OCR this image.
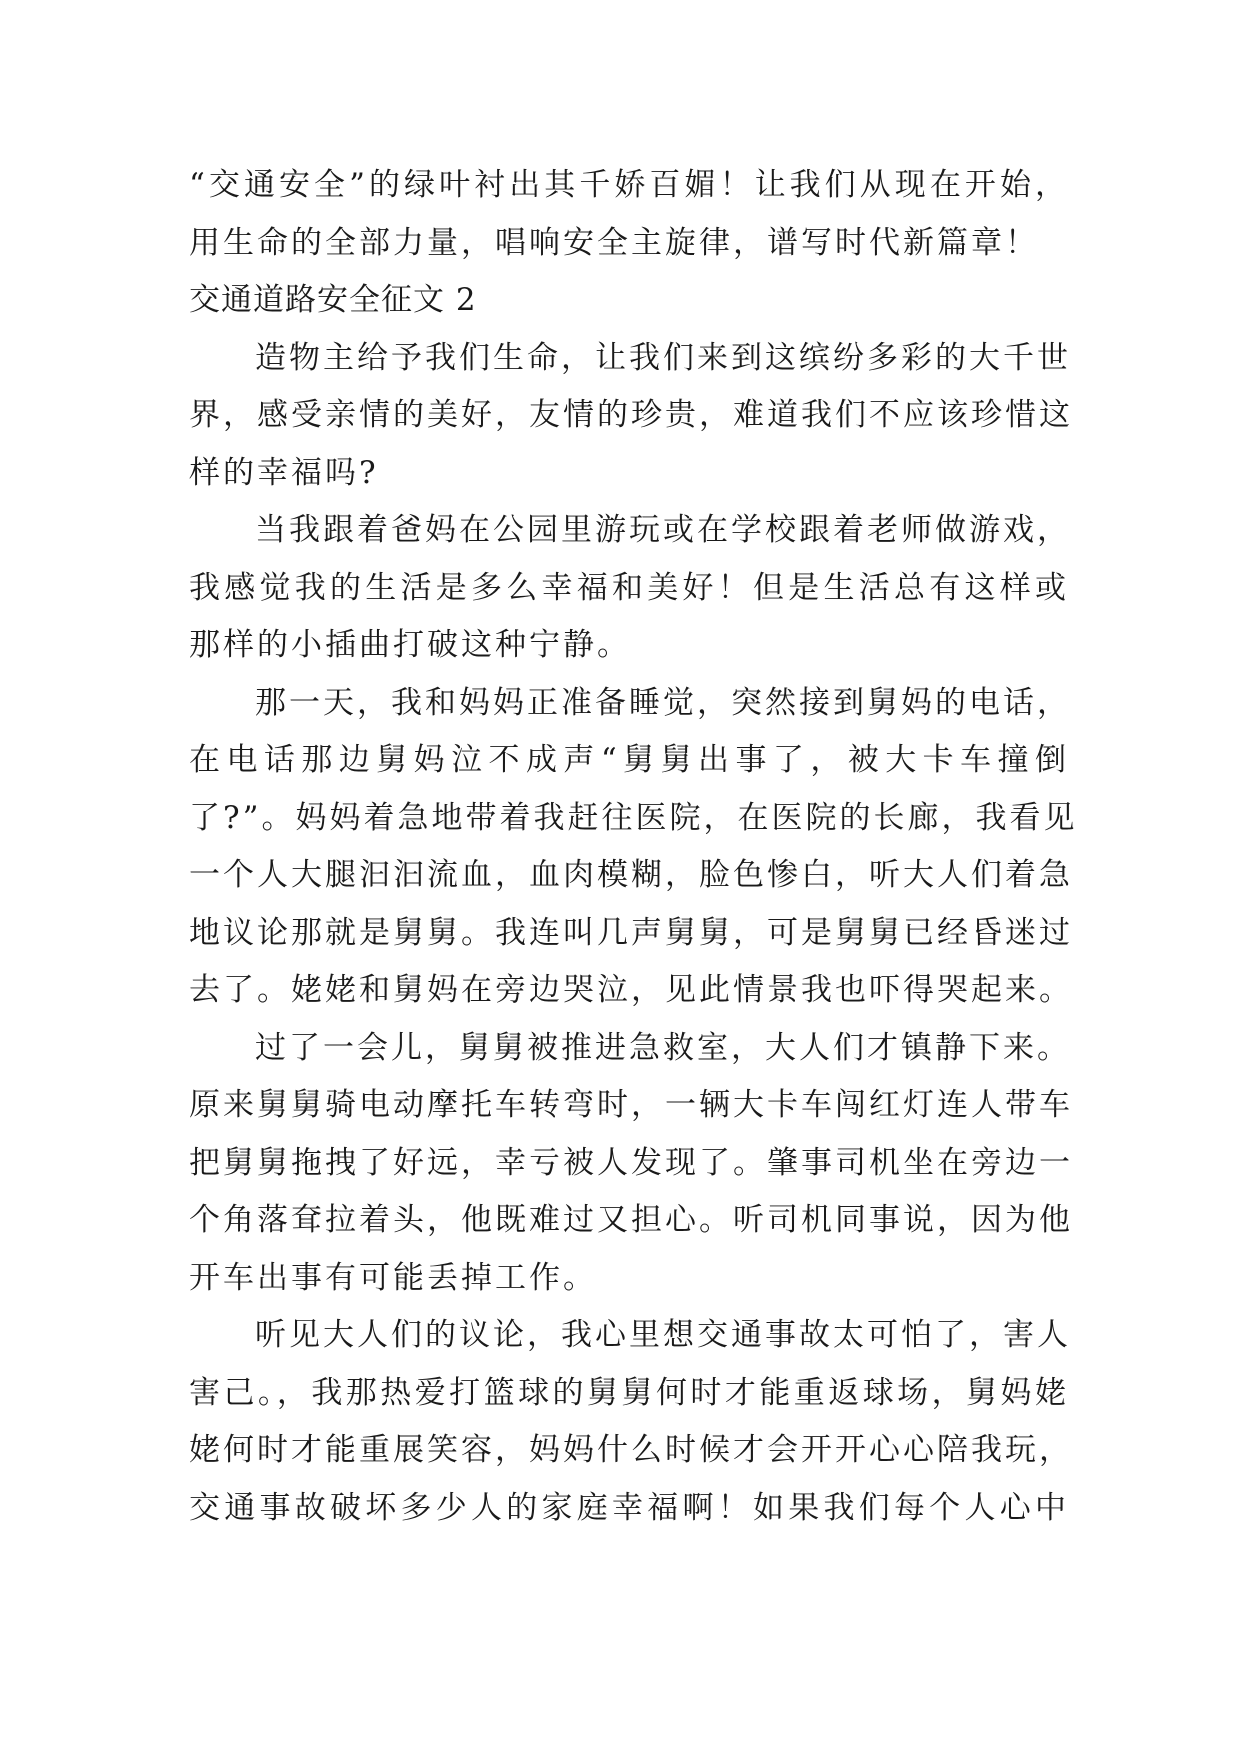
“交通安全”的绿叶衬出其千娇百媚！让我们从现在开始，
用生命的全部力量，唱响安全主旋律，谱写时代新篇章！
交通道路安全征文 2
造物主给予我们生命，让我们来到这缤纷多彩的大千世
界，感受亲情的美好，友情的珍贵，难道我们不应该珍惜这
样的幸福吗?
当我跟着爸妈在公园里游玩或在学校跟着老师做游戏，
我感觉我的生活是多么幸福和美好！但是生活总有这样或
那样的小插曲打破这种宁静。
那一天，我和妈妈正准备睡觉，突然接到舅妈的电话，
在电话那边舅妈泣不成声“舅舅出事了，被大卡车撞倒
了?”。妈妈着急地带着我赶往医院，在医院的长廊，我看见
一个人大腿汩汩流血，血肉模糊，脸色惨白，听大人们着急
地议论那就是舅舅。我连叫几声舅舅，可是舅舅已经昏迷过
去了。姥姥和舅妈在旁边哭泣，见此情景我也吓得哭起来。
过了一会儿，舅舅被推进急救室，大人们才镇静下来。
原来舅舅骑电动摩托车转弯时，一辆大卡车闯红灯连人带车
把舅舅拖拽了好远，幸亏被人发现了。肇事司机坐在旁边一
个角落耷拉着头，他既难过又担心。听司机同事说，因为他
开车出事有可能丢掉工作。
听见大人们的议论，我心里想交通事故太可怕了，害人
害己。，我那热爱打篮球的舅舅何时才能重返球场，舅妈姥
姥何时才能重展笑容，妈妈什么时候才会开开心心陪我玩，
交通事故破坏多少人的家庭幸福啊！如果我们每个人心中
